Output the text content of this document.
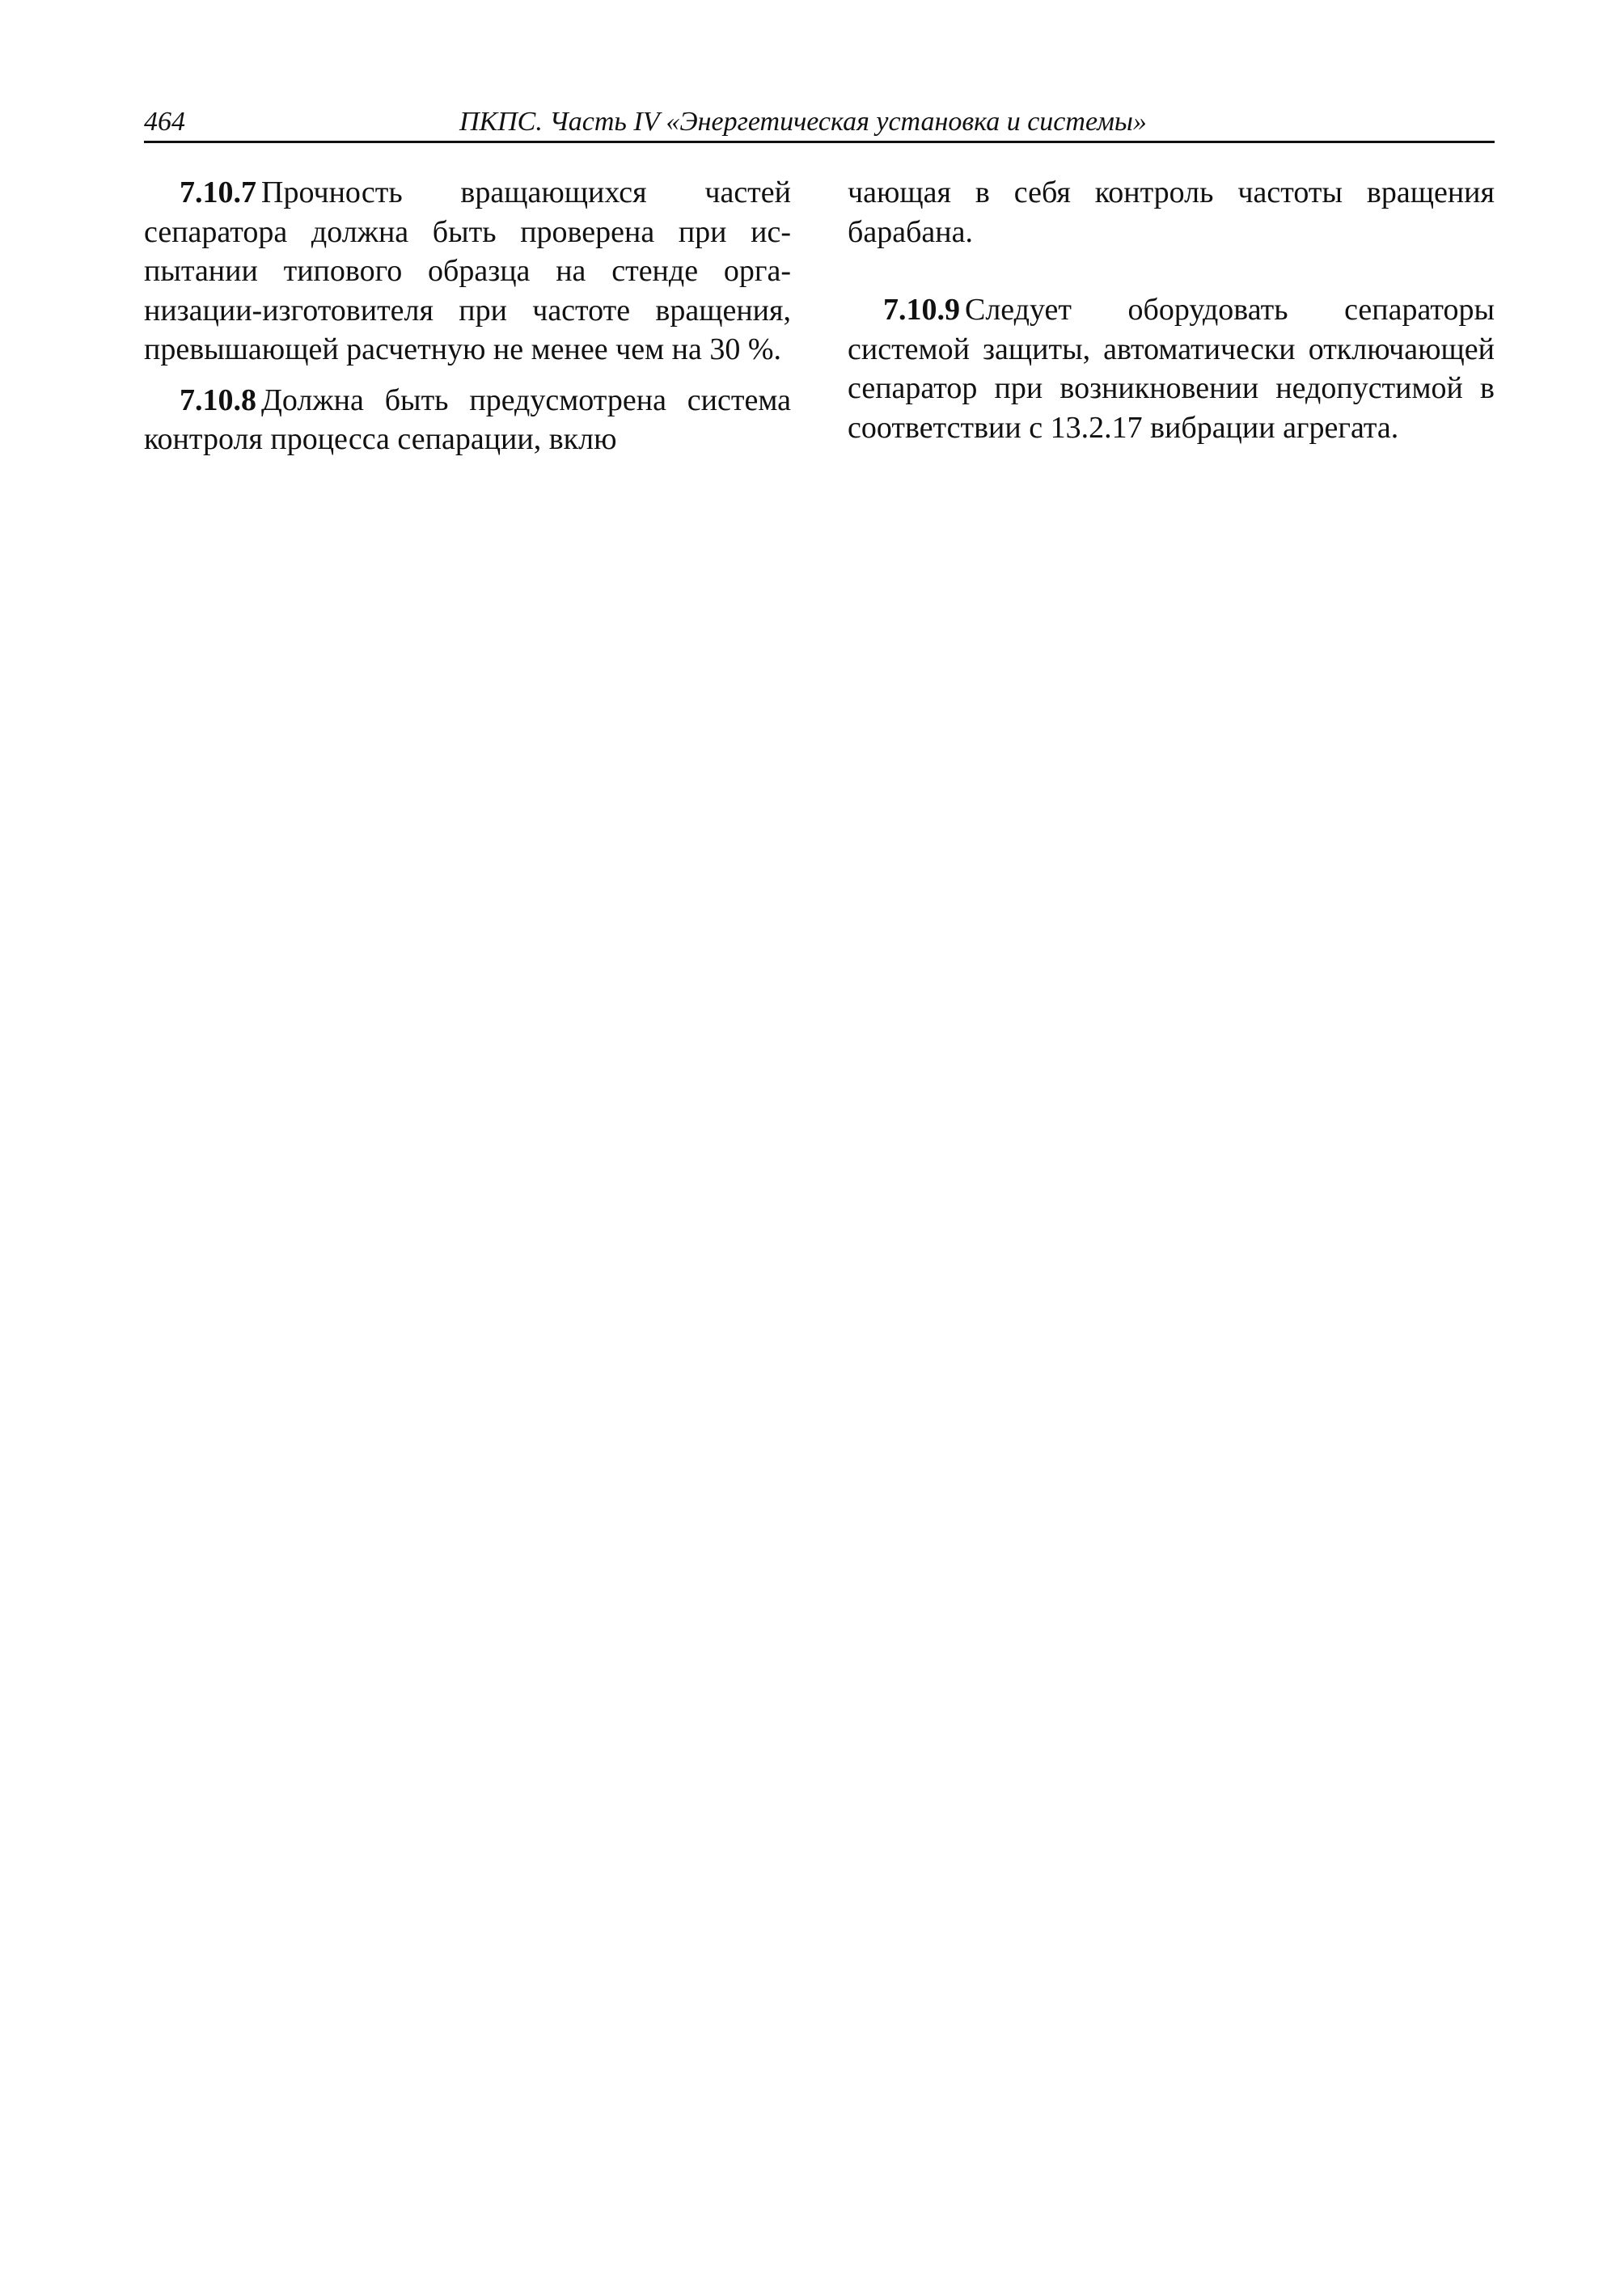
464	ПКПС. Часть IV «Энергетическая установка и системы»

7.10.7 Прочность вращающихся частей сепаратора должна быть проверена при испытании типового образца на стенде организации-изготовителя при частоте вращения, превышающей расчетную не менее чем на 30 %.

7.10.8 Должна быть предусмотрена система контроля процесса сепарации, вклю

чающая в себя контроль частоты вращения барабана.

7.10.9 Следует оборудовать сепараторы системой защиты, автоматически отключающей сепаратор при возникновении недопустимой в соответствии с 13.2.17 вибрации агрегата.
